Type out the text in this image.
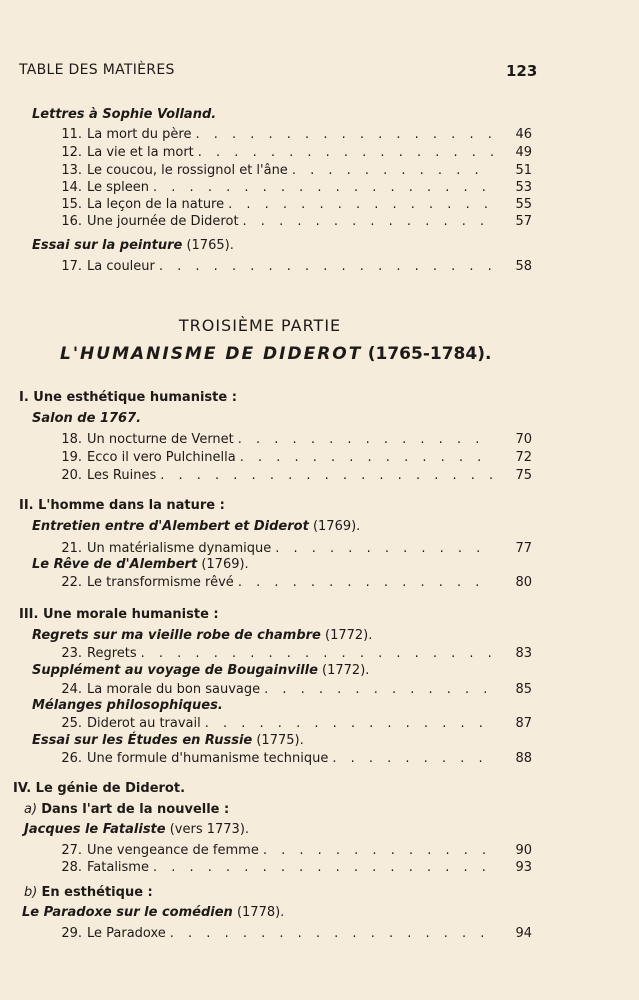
TABLE DES MATIÈRES	123
Lettres à Sophie Volland.
11. La mort du père . . .	46
12. La vie et la mort . . .	49
13. Le coucou, le rossignol et l'âne . . .	51
14. Le spleen . . .	53
15. La leçon de la nature . . .	55
16. Une journée de Diderot . . .	57
Essai sur la peinture (1765).
17. La couleur . . .	58
TROISIÈME PARTIE
L'HUMANISME DE DIDEROT (1765-1784).
I. Une esthétique humaniste :
Salon de 1767.
18. Un nocturne de Vernet . . .	70
19. Ecco il vero Pulchinella . . .	72
20. Les Ruines . . .	75
II. L'homme dans la nature :
Entretien entre d'Alembert et Diderot (1769).
21. Un matérialisme dynamique . . .	77
Le Rêve de d'Alembert (1769).
22. Le transformisme rêvé . . .	80
III. Une morale humaniste :
Regrets sur ma vieille robe de chambre (1772).
23. Regrets . . .	83
Supplément au voyage de Bougainville (1772).
24. La morale du bon sauvage . . .	85
Mélanges philosophiques.
25. Diderot au travail . . .	87
Essai sur les Études en Russie (1775).
26. Une formule d'humanisme technique . . .	88
IV. Le génie de Diderot.
a) Dans l'art de la nouvelle :
Jacques le Fataliste (vers 1773).
27. Une vengeance de femme . . .	90
28. Fatalisme . . .	93
b) En esthétique :
Le Paradoxe sur le comédien (1778).
29. Le Paradoxe . . .	94
